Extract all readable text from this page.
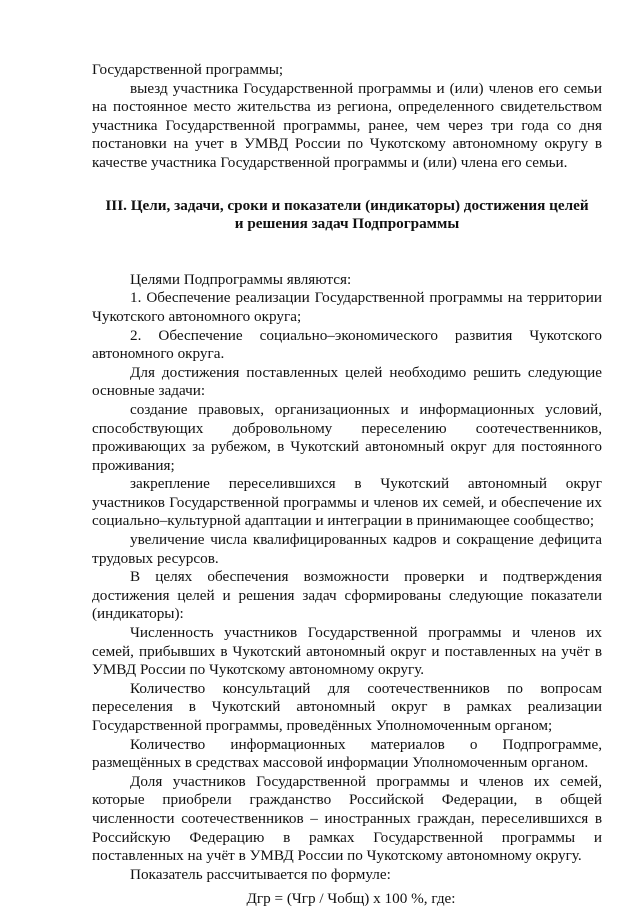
Государственной программы;

выезд участника Государственной программы и (или) членов его семьи на постоянное место жительства из региона, определенного свидетельством участника Государственной программы, ранее, чем через три года со дня постановки на учет в УМВД России по Чукотскому автономному округу в качестве участника Государственной программы и (или) члена его семьи.

III. Цели, задачи, сроки и показатели (индикаторы) достижения целей и решения задач Подпрограммы

Целями Подпрограммы являются:

1. Обеспечение реализации Государственной программы на территории Чукотского автономного округа;

2. Обеспечение социально–экономического развития Чукотского автономного округа.

Для достижения поставленных целей необходимо решить следующие основные задачи:

создание правовых, организационных и информационных условий, способствующих добровольному переселению соотечественников, проживающих за рубежом, в Чукотский автономный округ для постоянного проживания;

закрепление переселившихся в Чукотский автономный округ участников Государственной программы и членов их семей, и обеспечение их социально–культурной адаптации и интеграции в принимающее сообщество;

увеличение числа квалифицированных кадров и сокращение дефицита трудовых ресурсов.

В целях обеспечения возможности проверки и подтверждения достижения целей и решения задач сформированы следующие показатели (индикаторы):

Численность участников Государственной программы и членов их семей, прибывших в Чукотский автономный округ и поставленных на учёт в УМВД России по Чукотскому автономному округу.

Количество консультаций для соотечественников по вопросам переселения в Чукотский автономный округ в рамках реализации Государственной программы, проведённых Уполномоченным органом;

Количество информационных материалов о Подпрограмме, размещённых в средствах массовой информации Уполномоченным органом.

Доля участников Государственной программы и членов их семей, которые приобрели гражданство Российской Федерации, в общей численности соотечественников – иностранных граждан, переселившихся в Российскую Федерацию в рамках Государственной программы и поставленных на учёт в УМВД России по Чукотскому автономному округу.

Показатель рассчитывается по формуле:

Дгр = (Чгр / Чобщ) х 100 %, где:
